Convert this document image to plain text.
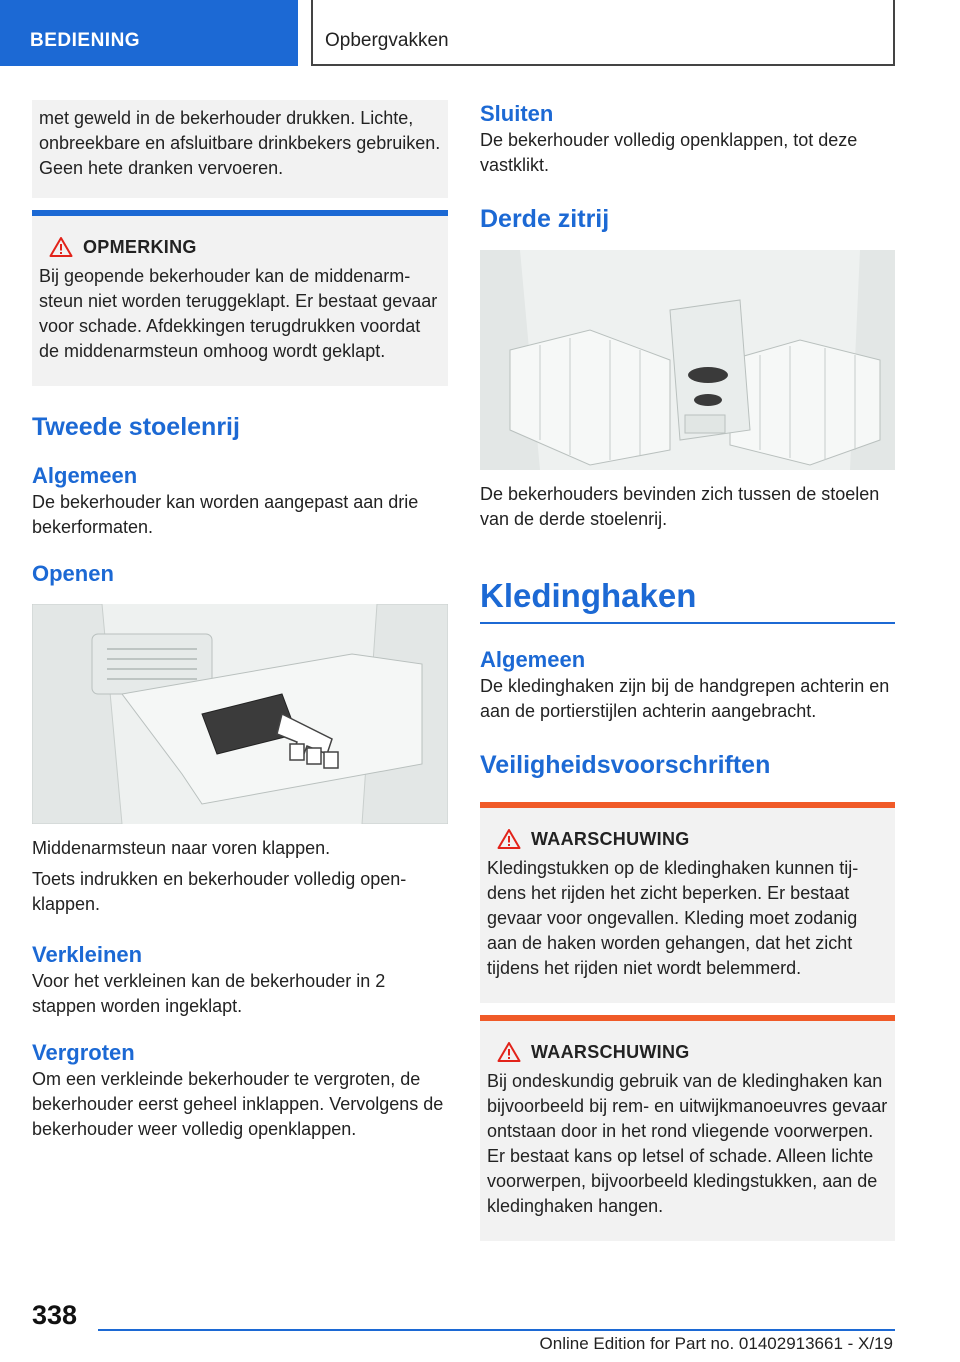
BEDIENING	Opbergvakken

met geweld in de bekerhouder drukken. Lichte, onbreekbare en afsluitbare drinkbekers gebruiken. Geen hete dranken vervoeren.

OPMERKING

Bij geopende bekerhouder kan de middenarmsteun niet worden teruggeklapt. Er bestaat gevaar voor schade. Afdekkingen terugdrukken voordat de middenarmsteun omhoog wordt geklapt.

Tweede stoelenrij
Algemeen

De bekerhouder kan worden aangepast aan drie bekerformaten.

Openen

Middenarmsteun naar voren klappen.

Toets indrukken en bekerhouder volledig openklappen.

Verkleinen

Voor het verkleinen kan de bekerhouder in 2 stappen worden ingeklapt.

Vergroten

Om een verkleinde bekerhouder te vergroten, de bekerhouder eerst geheel inklappen. Vervolgens de bekerhouder weer volledig openklappen.

Sluiten

De bekerhouder volledig openklappen, tot deze vastklikt.

Derde zitrij

De bekerhouders bevinden zich tussen de stoelen van de derde stoelenrij.

Kledinghaken
Algemeen

De kledinghaken zijn bij de handgrepen achterin en aan de portierstijlen achterin aangebracht.

Veiligheidsvoorschriften
WAARSCHUWING

Kledingstukken op de kledinghaken kunnen tijdens het rijden het zicht beperken. Er bestaat gevaar voor ongevallen. Kleding moet zodanig aan de haken worden gehangen, dat het zicht tijdens het rijden niet wordt belemmerd.

WAARSCHUWING

Bij ondeskundig gebruik van de kledinghaken kan bijvoorbeeld bij rem- en uitwijkmanoeuvres gevaar ontstaan door in het rond vliegende voorwerpen. Er bestaat kans op letsel of schade. Alleen lichte voorwerpen, bijvoorbeeld kledingstukken, aan de kledinghaken hangen.

338
Online Edition for Part no. 01402913661 - X/19
